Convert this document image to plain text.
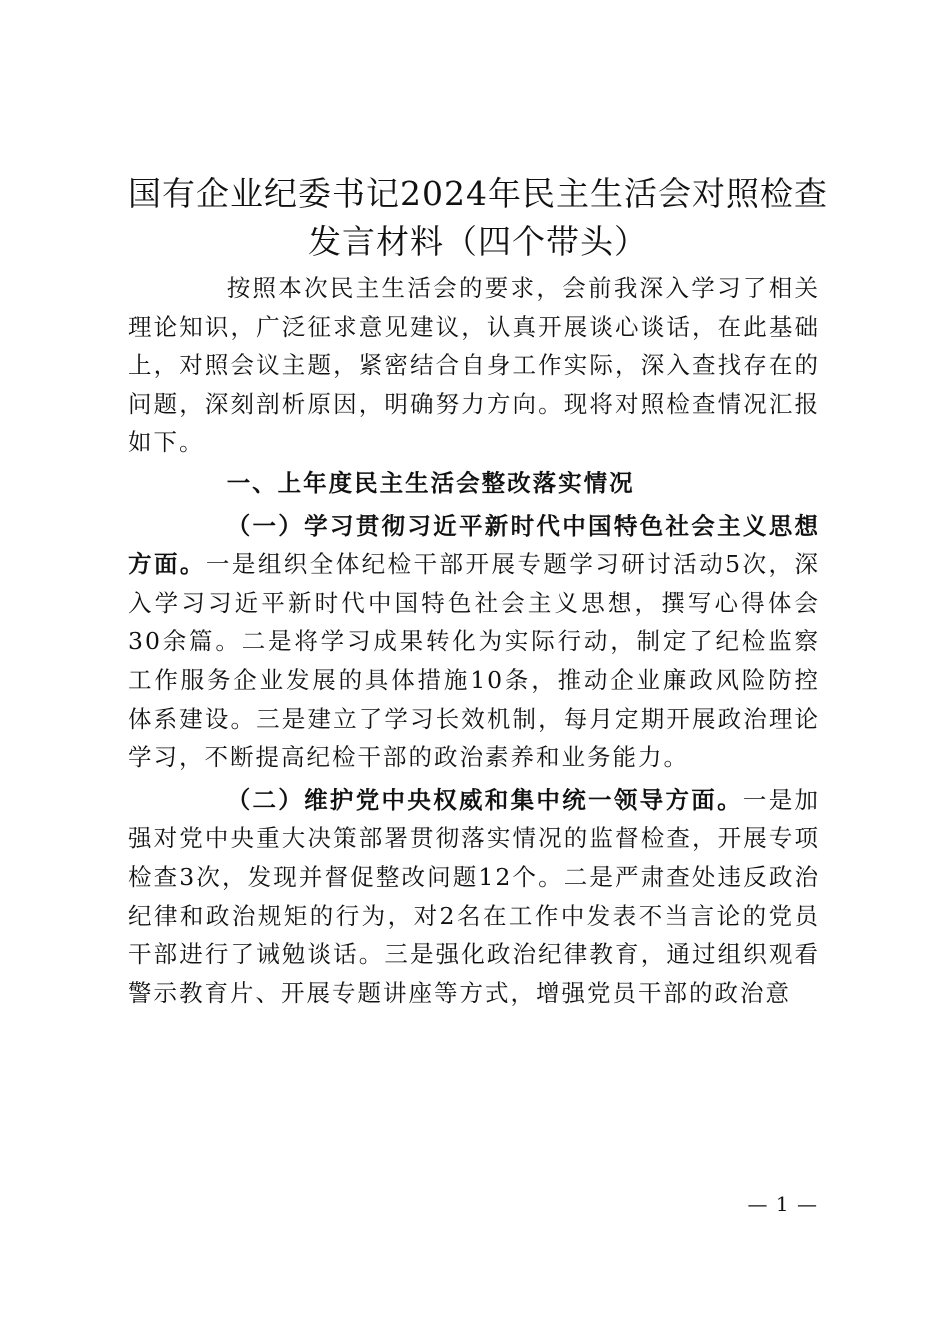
国有企业纪委书记2024年民主生活会对照检查发言材料（四个带头）

按照本次民主生活会的要求，会前我深入学习了相关理论知识，广泛征求意见建议，认真开展谈心谈话，在此基础上，对照会议主题，紧密结合自身工作实际，深入查找存在的问题，深刻剖析原因，明确努力方向。现将对照检查情况汇报如下。

一、上年度民主生活会整改落实情况

（一）学习贯彻习近平新时代中国特色社会主义思想方面。一是组织全体纪检干部开展专题学习研讨活动5次，深入学习习近平新时代中国特色社会主义思想，撰写心得体会30余篇。二是将学习成果转化为实际行动，制定了纪检监察工作服务企业发展的具体措施10条，推动企业廉政风险防控体系建设。三是建立了学习长效机制，每月定期开展政治理论学习，不断提高纪检干部的政治素养和业务能力。

（二）维护党中央权威和集中统一领导方面。一是加强对党中央重大决策部署贯彻落实情况的监督检查，开展专项检查3次，发现并督促整改问题12个。二是严肃查处违反政治纪律和政治规矩的行为，对2名在工作中发表不当言论的党员干部进行了诫勉谈话。三是强化政治纪律教育，通过组织观看警示教育片、开展专题讲座等方式，增强党员干部的政治意

— 1 —
